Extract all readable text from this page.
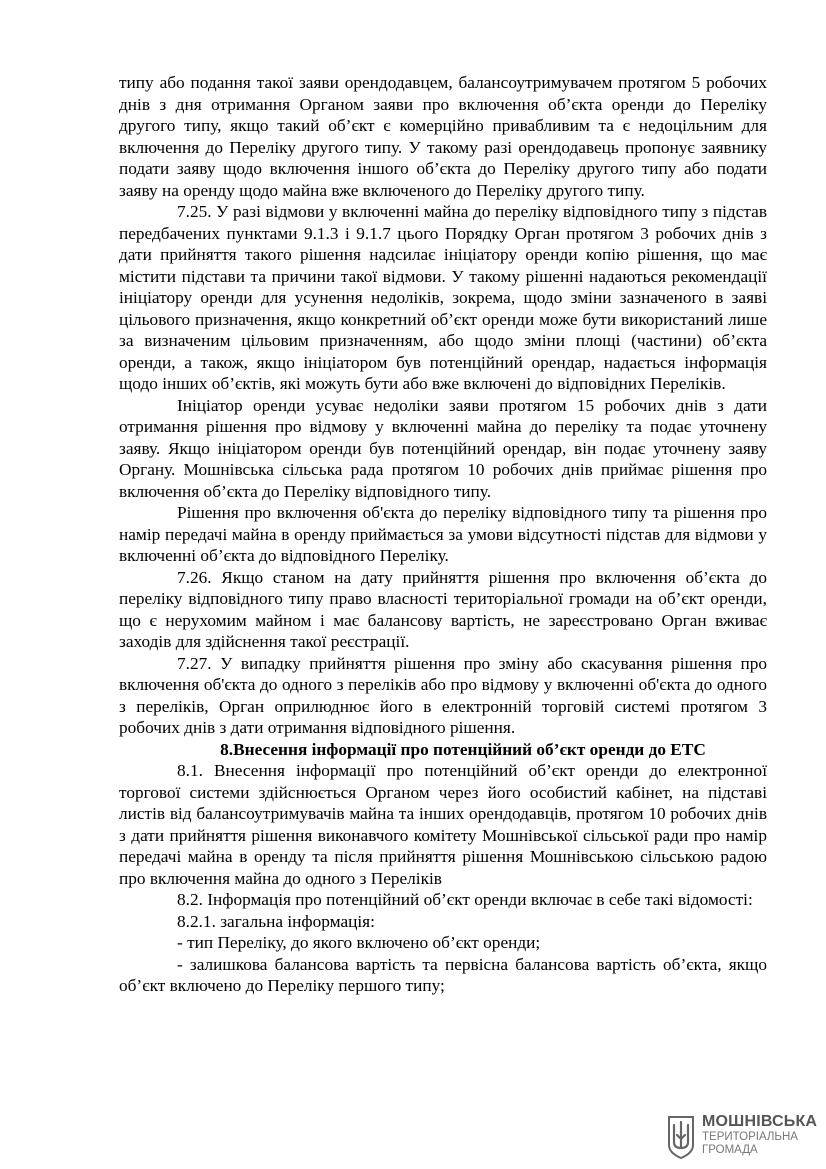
типу або подання такої заяви орендодавцем, балансоутримувачем протягом 5 робочих днів з дня отримання Органом заяви про включення об’єкта оренди до Переліку другого типу, якщо такий об’єкт є комерційно привабливим та є недоцільним для включення до Переліку другого типу. У такому разі орендодавець пропонує заявнику подати заяву щодо включення іншого об’єкта до Переліку другого типу або подати заяву на оренду щодо майна вже включеного до Переліку другого типу.

7.25. У разі відмови у включенні майна до переліку відповідного типу з підстав передбачених пунктами 9.1.3 і 9.1.7 цього Порядку Орган протягом 3 робочих днів з дати прийняття такого рішення надсилає ініціатору оренди копію рішення, що має містити підстави та причини такої відмови. У такому рішенні надаються рекомендації ініціатору оренди для усунення недоліків, зокрема, щодо зміни зазначеного в заяві цільового призначення, якщо конкретний об’єкт оренди може бути використаний лише за визначеним цільовим призначенням, або щодо зміни площі (частини) об’єкта оренди, а також, якщо ініціатором був потенційний орендар, надається інформація щодо інших об’єктів, які можуть бути або вже включені до відповідних Переліків.

Ініціатор оренди усуває недоліки заяви протягом 15 робочих днів з дати отримання рішення про відмову у включенні майна до переліку та подає уточнену заяву. Якщо ініціатором оренди був потенційний орендар, він подає уточнену заяву Органу. Мошнівська сільська рада протягом 10 робочих днів приймає рішення про включення об’єкта до Переліку відповідного типу.

Рішення про включення об'єкта до переліку відповідного типу та рішення про намір передачі майна в оренду приймається за умови відсутності підстав для відмови у включенні об’єкта до відповідного Переліку.

7.26. Якщо станом на дату прийняття рішення про включення об’єкта до переліку відповідного типу право власності територіальної громади на об’єкт оренди, що є нерухомим майном і має балансову вартість, не зареєстровано Орган вживає заходів для здійснення такої реєстрації.

7.27. У випадку прийняття рішення про зміну або скасування рішення про включення об'єкта до одного з переліків або про відмову у включенні об'єкта до одного з переліків, Орган оприлюднює його в електронній торговій системі протягом 3 робочих днів з дати отримання відповідного рішення.

8.Внесення інформації про потенційний об’єкт оренди до ЕТС

8.1. Внесення інформації про потенційний об’єкт оренди до електронної торгової системи здійснюється Органом через його особистий кабінет, на підставі листів від балансоутримувачів майна та інших орендодавців, протягом 10 робочих днів з дати прийняття рішення виконавчого комітету Мошнівської сільської ради про намір передачі майна в оренду та після прийняття рішення Мошнівською сільською радою про включення майна до одного з Переліків

8.2. Інформація про потенційний об’єкт оренди включає в себе такі відомості:

8.2.1. загальна інформація:

- тип Переліку, до якого включено об’єкт оренди;

- залишкова балансова вартість та первісна балансова вартість об’єкта, якщо об’єкт включено до Переліку першого типу;

МОШНІВСЬКА
ТЕРИТОРІАЛЬНА
ГРОМАДА
